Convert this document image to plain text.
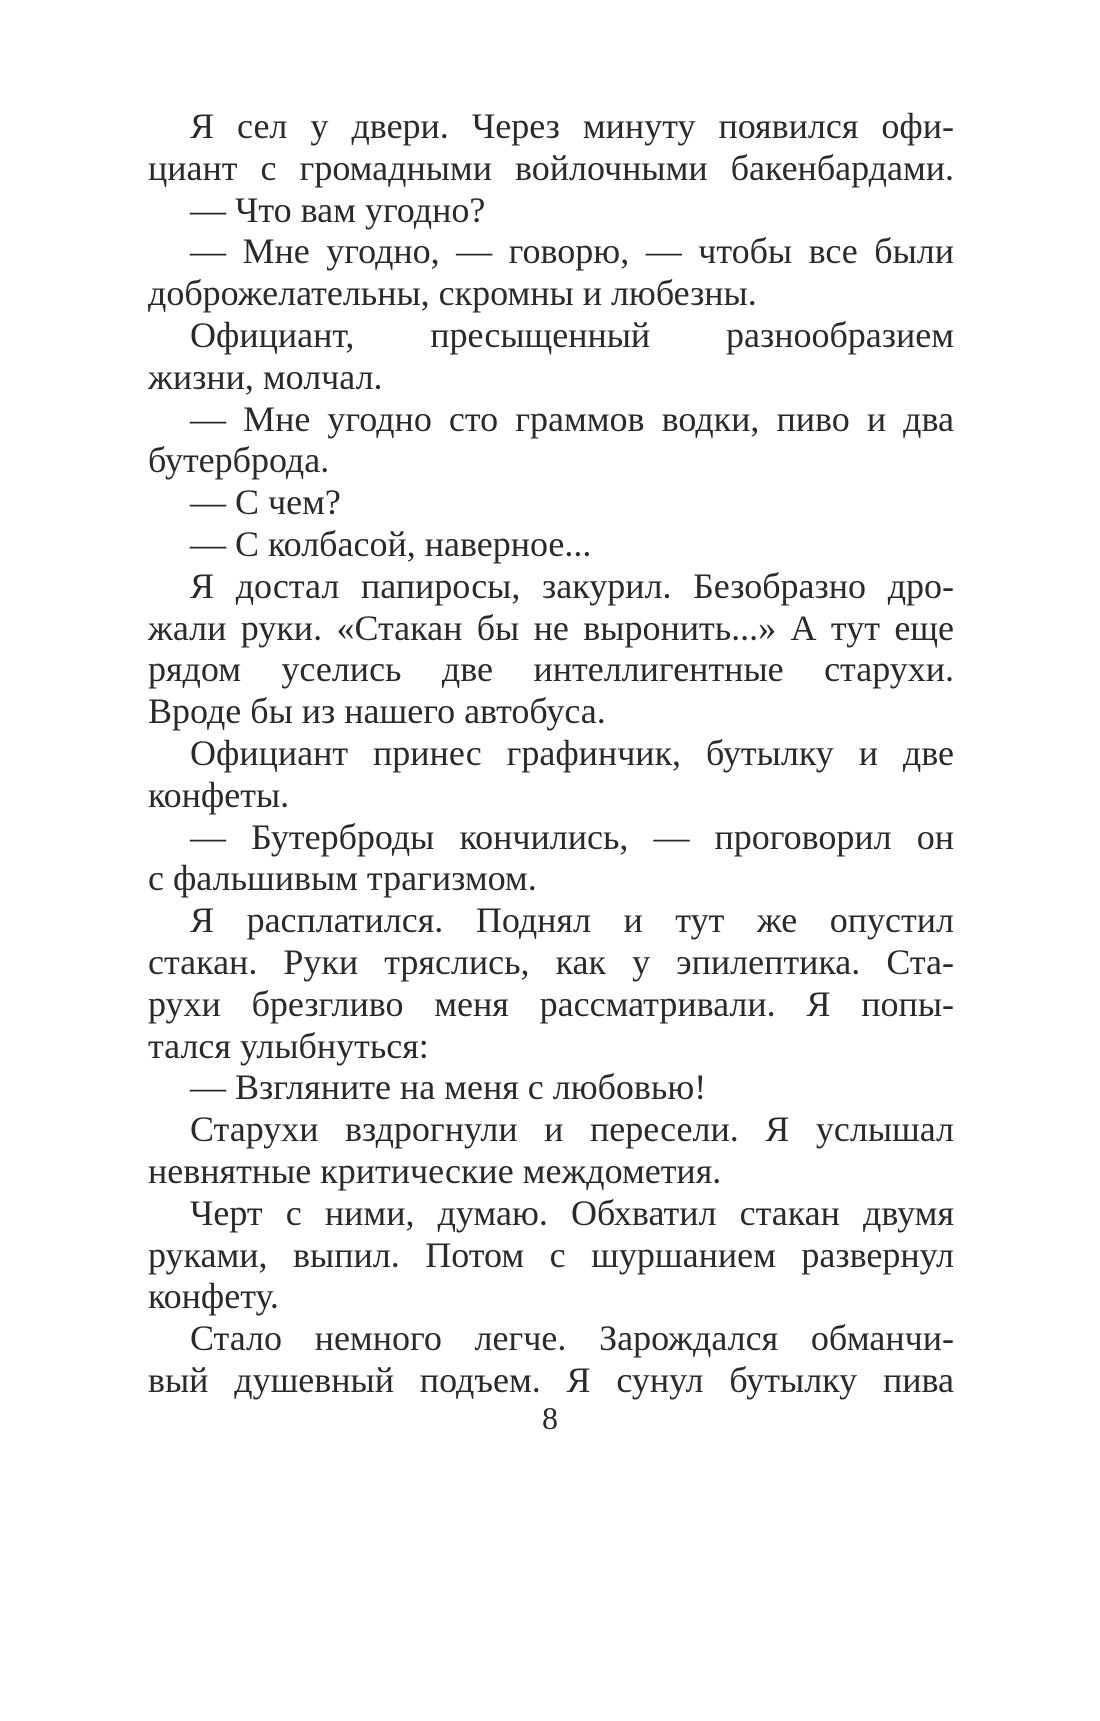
Я сел у двери. Через минуту появился офи-
циант с громадными войлочными бакенбардами.
— Что вам угодно?
— Мне угодно, — говорю, — чтобы все были
доброжелательны, скромны и любезны.
Официант, пресыщенный разнообразием
жизни, молчал.
— Мне угодно сто граммов водки, пиво и два
бутерброда.
— С чем?
— С колбасой, наверное...
Я достал папиросы, закурил. Безобразно дро-
жали руки. «Стакан бы не выронить...» А тут еще
рядом уселись две интеллигентные старухи.
Вроде бы из нашего автобуса.
Официант принес графинчик, бутылку и две
конфеты.
— Бутерброды кончились, — проговорил он
с фальшивым трагизмом.
Я расплатился. Поднял и тут же опустил
стакан. Руки тряслись, как у эпилептика. Ста-
рухи брезгливо меня рассматривали. Я попы-
тался улыбнуться:
— Взгляните на меня с любовью!
Старухи вздрогнули и пересели. Я услышал
невнятные критические междометия.
Черт с ними, думаю. Обхватил стакан двумя
руками, выпил. Потом с шуршанием развернул
конфету.
Стало немного легче. Зарождался обманчи-
вый душевный подъем. Я сунул бутылку пива
8
